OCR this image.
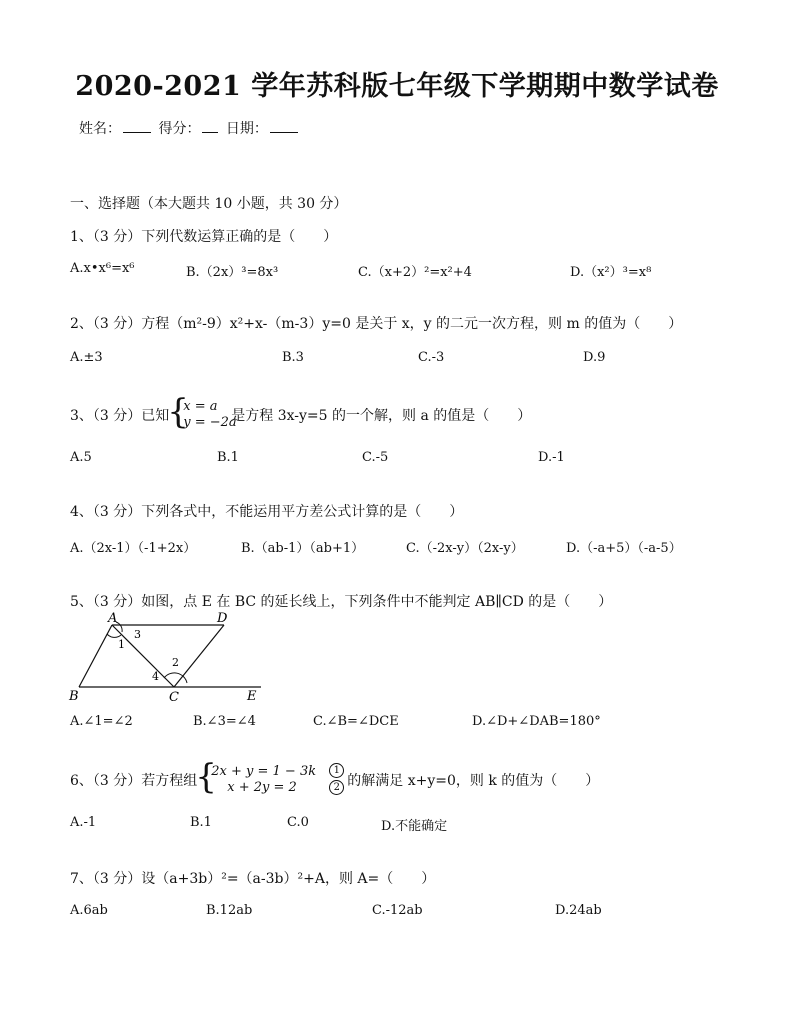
2020-2021 学年苏科版七年级下学期期中数学试卷
姓名：	得分： 日期：
一、选择题（本大题共 10 小题，共 30 分）
1、（3 分）下列代数运算正确的是（　　）
A.x•x⁶=x⁶	B.（2x）³=8x³	C.（x+2）²=x²+4	D.（x²）³=x⁸
2、（3 分）方程（m²-9）x²+x-（m-3）y=0 是关于 x，y 的二元一次方程，则 m 的值为（　　）
A.±3	B.3	C.-3	D.9
3、（3 分）已知
{
x = a
y = −2a
是方程 3x-y=5 的一个解，则 a 的值是（　　）
A.5	B.1	C.-5	D.-1
4、（3 分）下列各式中，不能运用平方差公式计算的是（　　）
A.（2x-1）（-1+2x）	B.（ab-1）（ab+1）	C.（-2x-y）（2x-y）	D.（-a+5）（-a-5）
5、（3 分）如图，点 E 在 BC 的延长线上，下列条件中不能判定 AB∥CD 的是（　　）
A	D
B	C	E
1
3
2
4
A.∠1=∠2	B.∠3=∠4	C.∠B=∠DCE	D.∠D+∠DAB=180°
6、（3 分）若方程组
{
2x + y = 1 − 3k
x + 2y = 2
1
2 的解满足 x+y=0，则 k 的值为（　　）
A.-1	B.1	C.0	D.不能确定
7、（3 分）设（a+3b）²=（a-3b）²+A，则 A=（　　）
A.6ab	B.12ab	C.-12ab	D.24ab
